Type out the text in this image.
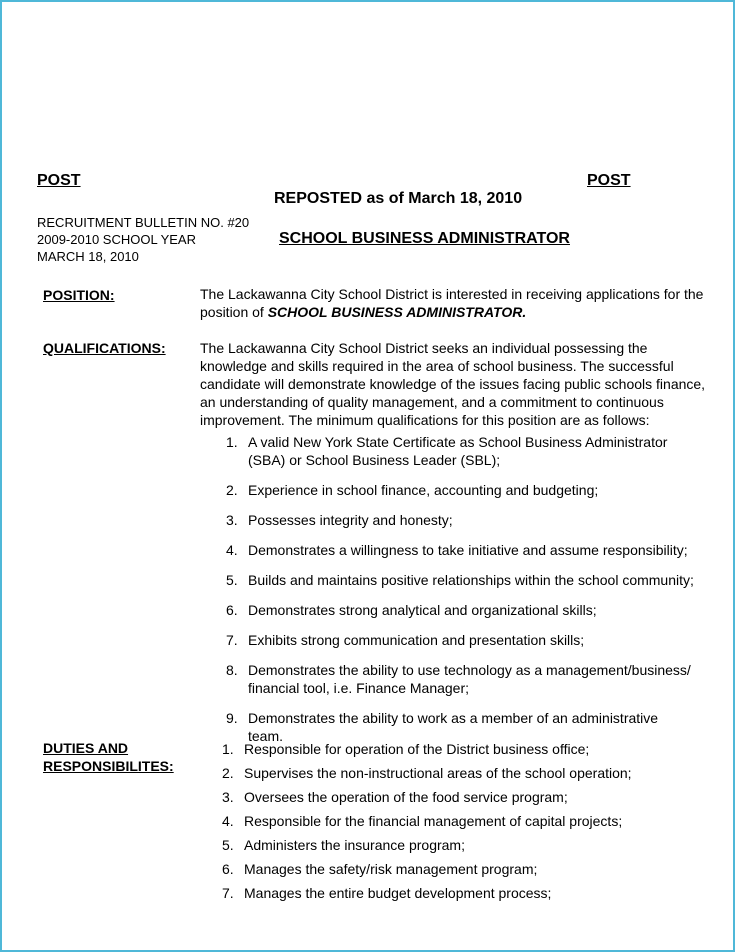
POST	POST
REPOSTED as of March 18, 2010
RECRUITMENT BULLETIN NO. #20
2009-2010 SCHOOL YEAR
MARCH 18, 2010
SCHOOL BUSINESS ADMINISTRATOR
POSITION:	The Lackawanna City School District is interested in receiving applications for the position of SCHOOL BUSINESS ADMINISTRATOR.
QUALIFICATIONS: The Lackawanna City School District seeks an individual possessing the knowledge and skills required in the area of school business. The successful candidate will demonstrate knowledge of the issues facing public schools finance, an understanding of quality management, and a commitment to continuous improvement. The minimum qualifications for this position are as follows:
1. A valid New York State Certificate as School Business Administrator (SBA) or School Business Leader (SBL);
2. Experience in school finance, accounting and budgeting;
3. Possesses integrity and honesty;
4. Demonstrates a willingness to take initiative and assume responsibility;
5. Builds and maintains positive relationships within the school community;
6. Demonstrates strong analytical and organizational skills;
7. Exhibits strong communication and presentation skills;
8. Demonstrates the ability to use technology as a management/business/ financial tool, i.e. Finance Manager;
9. Demonstrates the ability to work as a member of an administrative team.
DUTIES AND
RESPONSIBILITES:
1. Responsible for operation of the District business office;
2. Supervises the non-instructional areas of the school operation;
3. Oversees the operation of the food service program;
4. Responsible for the financial management of capital projects;
5. Administers the insurance program;
6. Manages the safety/risk management program;
7. Manages the entire budget development process;
